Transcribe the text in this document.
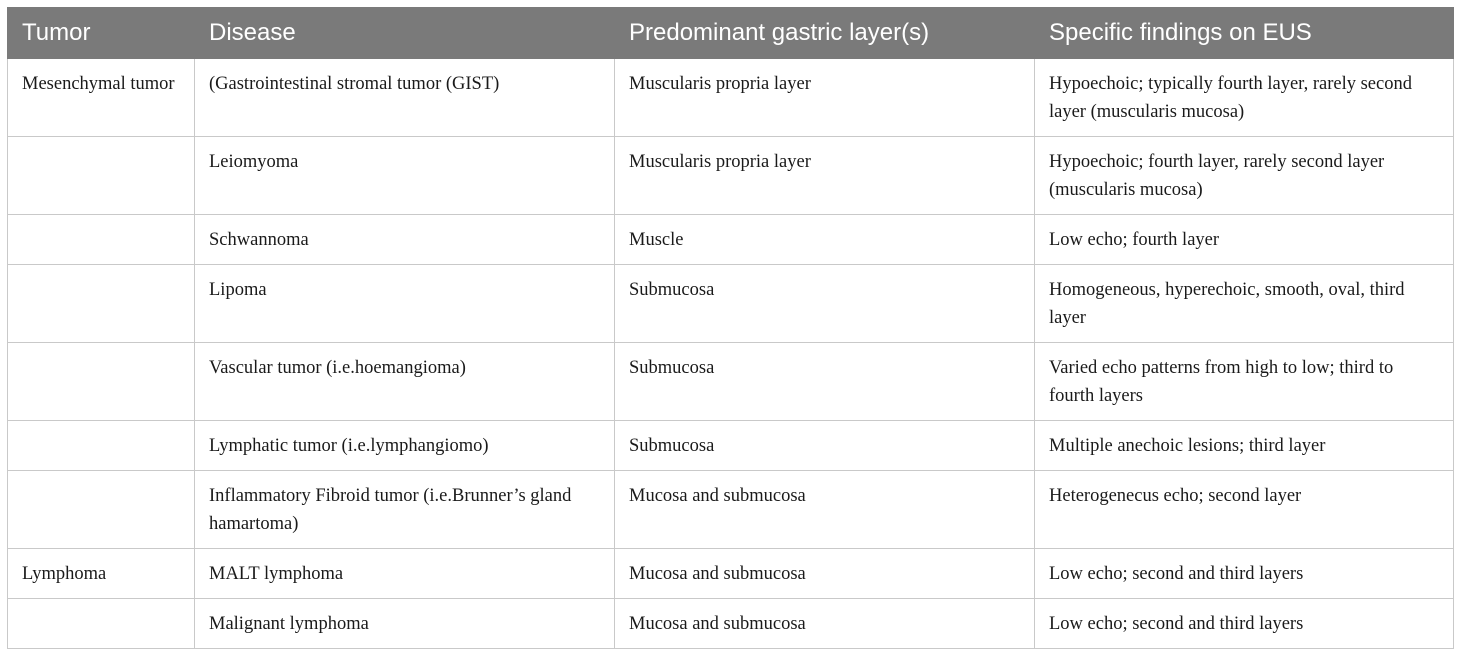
Tumor	Disease	Predominant gastric layer(s)	Specific findings on EUS
Mesenchymal tumor	(Gastrointestinal stromal tumor (GIST)	Muscularis propria layer	Hypoechoic; typically fourth layer, rarely second layer (muscularis mucosa)
	Leiomyoma	Muscularis propria layer	Hypoechoic; fourth layer, rarely second layer (muscularis mucosa)
	Schwannoma	Muscle	Low echo; fourth layer
	Lipoma	Submucosa	Homogeneous, hyperechoic, smooth, oval, third layer
	Vascular tumor (i.e.hoemangioma)	Submucosa	Varied echo patterns from high to low; third to fourth layers
	Lymphatic tumor (i.e.lymphangiomo)	Submucosa	Multiple anechoic lesions; third layer
	Inflammatory Fibroid tumor (i.e.Brunner’s gland hamartoma)	Mucosa and submucosa	Heterogenecus echo; second layer
Lymphoma	MALT lymphoma	Mucosa and submucosa	Low echo; second and third layers
	Malignant lymphoma	Mucosa and submucosa	Low echo; second and third layers
